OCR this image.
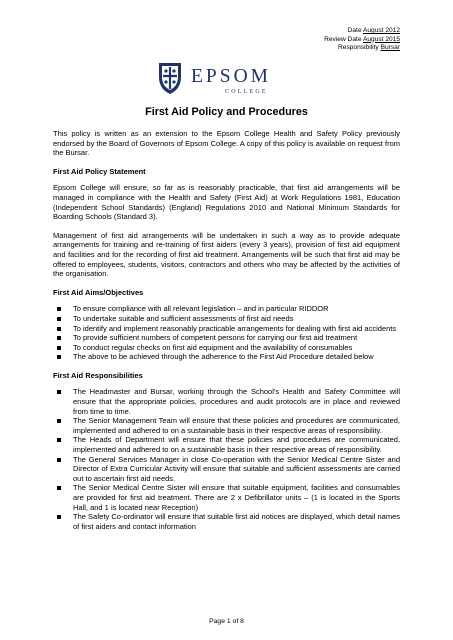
Date August 2012
Review Date August 2015
Responsibility Bursar
EPSOM
COLLEGE
First Aid Policy and Procedures

This policy is written as an extension to the Epsom College Health and Safety Policy previously endorsed by the Board of Governors of Epsom College. A copy of this policy is available on request from the Bursar.

First Aid Policy Statement

Epsom College will ensure, so far as is reasonably practicable, that first aid arrangements will be managed in compliance with the Health and Safety (First Aid) at Work Regulations 1981, Education (Independent School Standards) (England) Regulations 2010 and National Minimum Standards for Boarding Schools (Standard 3).

Management of first aid arrangements will be undertaken in such a way as to provide adequate arrangements for training and re-training of first aiders (every 3 years), provision of first aid equipment and facilities and for the recording of first aid treatment. Arrangements will be such that first aid may be offered to employees, students, visitors, contractors and others who may be affected by the activities of the organisation.

First Aid Aims/Objectives
To ensure compliance with all relevant legislation – and in particular RIDDOR
To undertake suitable and sufficient assessments of first aid needs
To identify and implement reasonably practicable arrangements for dealing with first aid accidents
To provide sufficient numbers of competent persons for carrying our first aid treatment
To conduct regular checks on first aid equipment and the availability of consumables
The above to be achieved through the adherence to the First Aid Procedure detailed below
First Aid Responsibilities
The Headmaster and Bursar, working through the School’s Health and Safety Committee will ensure that the appropriate policies, procedures and audit protocols are in place and reviewed from time to time.
The Senior Management Team will ensure that these policies and procedures are communicated, implemented and adhered to on a sustainable basis in their respective areas of responsibility.
The Heads of Department will ensure that these policies and procedures are communicated, implemented and adhered to on a sustainable basis in their respective areas of responsibility.
The General Services Manager in close Co-operation with the Senior Medical Centre Sister and Director of Extra Curricular Activity will ensure that suitable and sufficient assessments are carried out to ascertain first aid needs.
The Senior Medical Centre Sister will ensure that suitable equipment, facilities and consumables are provided for first aid treatment. There are 2 x Defibrillator units – (1 is located in the Sports Hall, and 1 is located near Reception)
The Safety Co-ordinator will ensure that suitable first aid notices are displayed, which detail names of first aiders and contact information
Page 1 of 8
